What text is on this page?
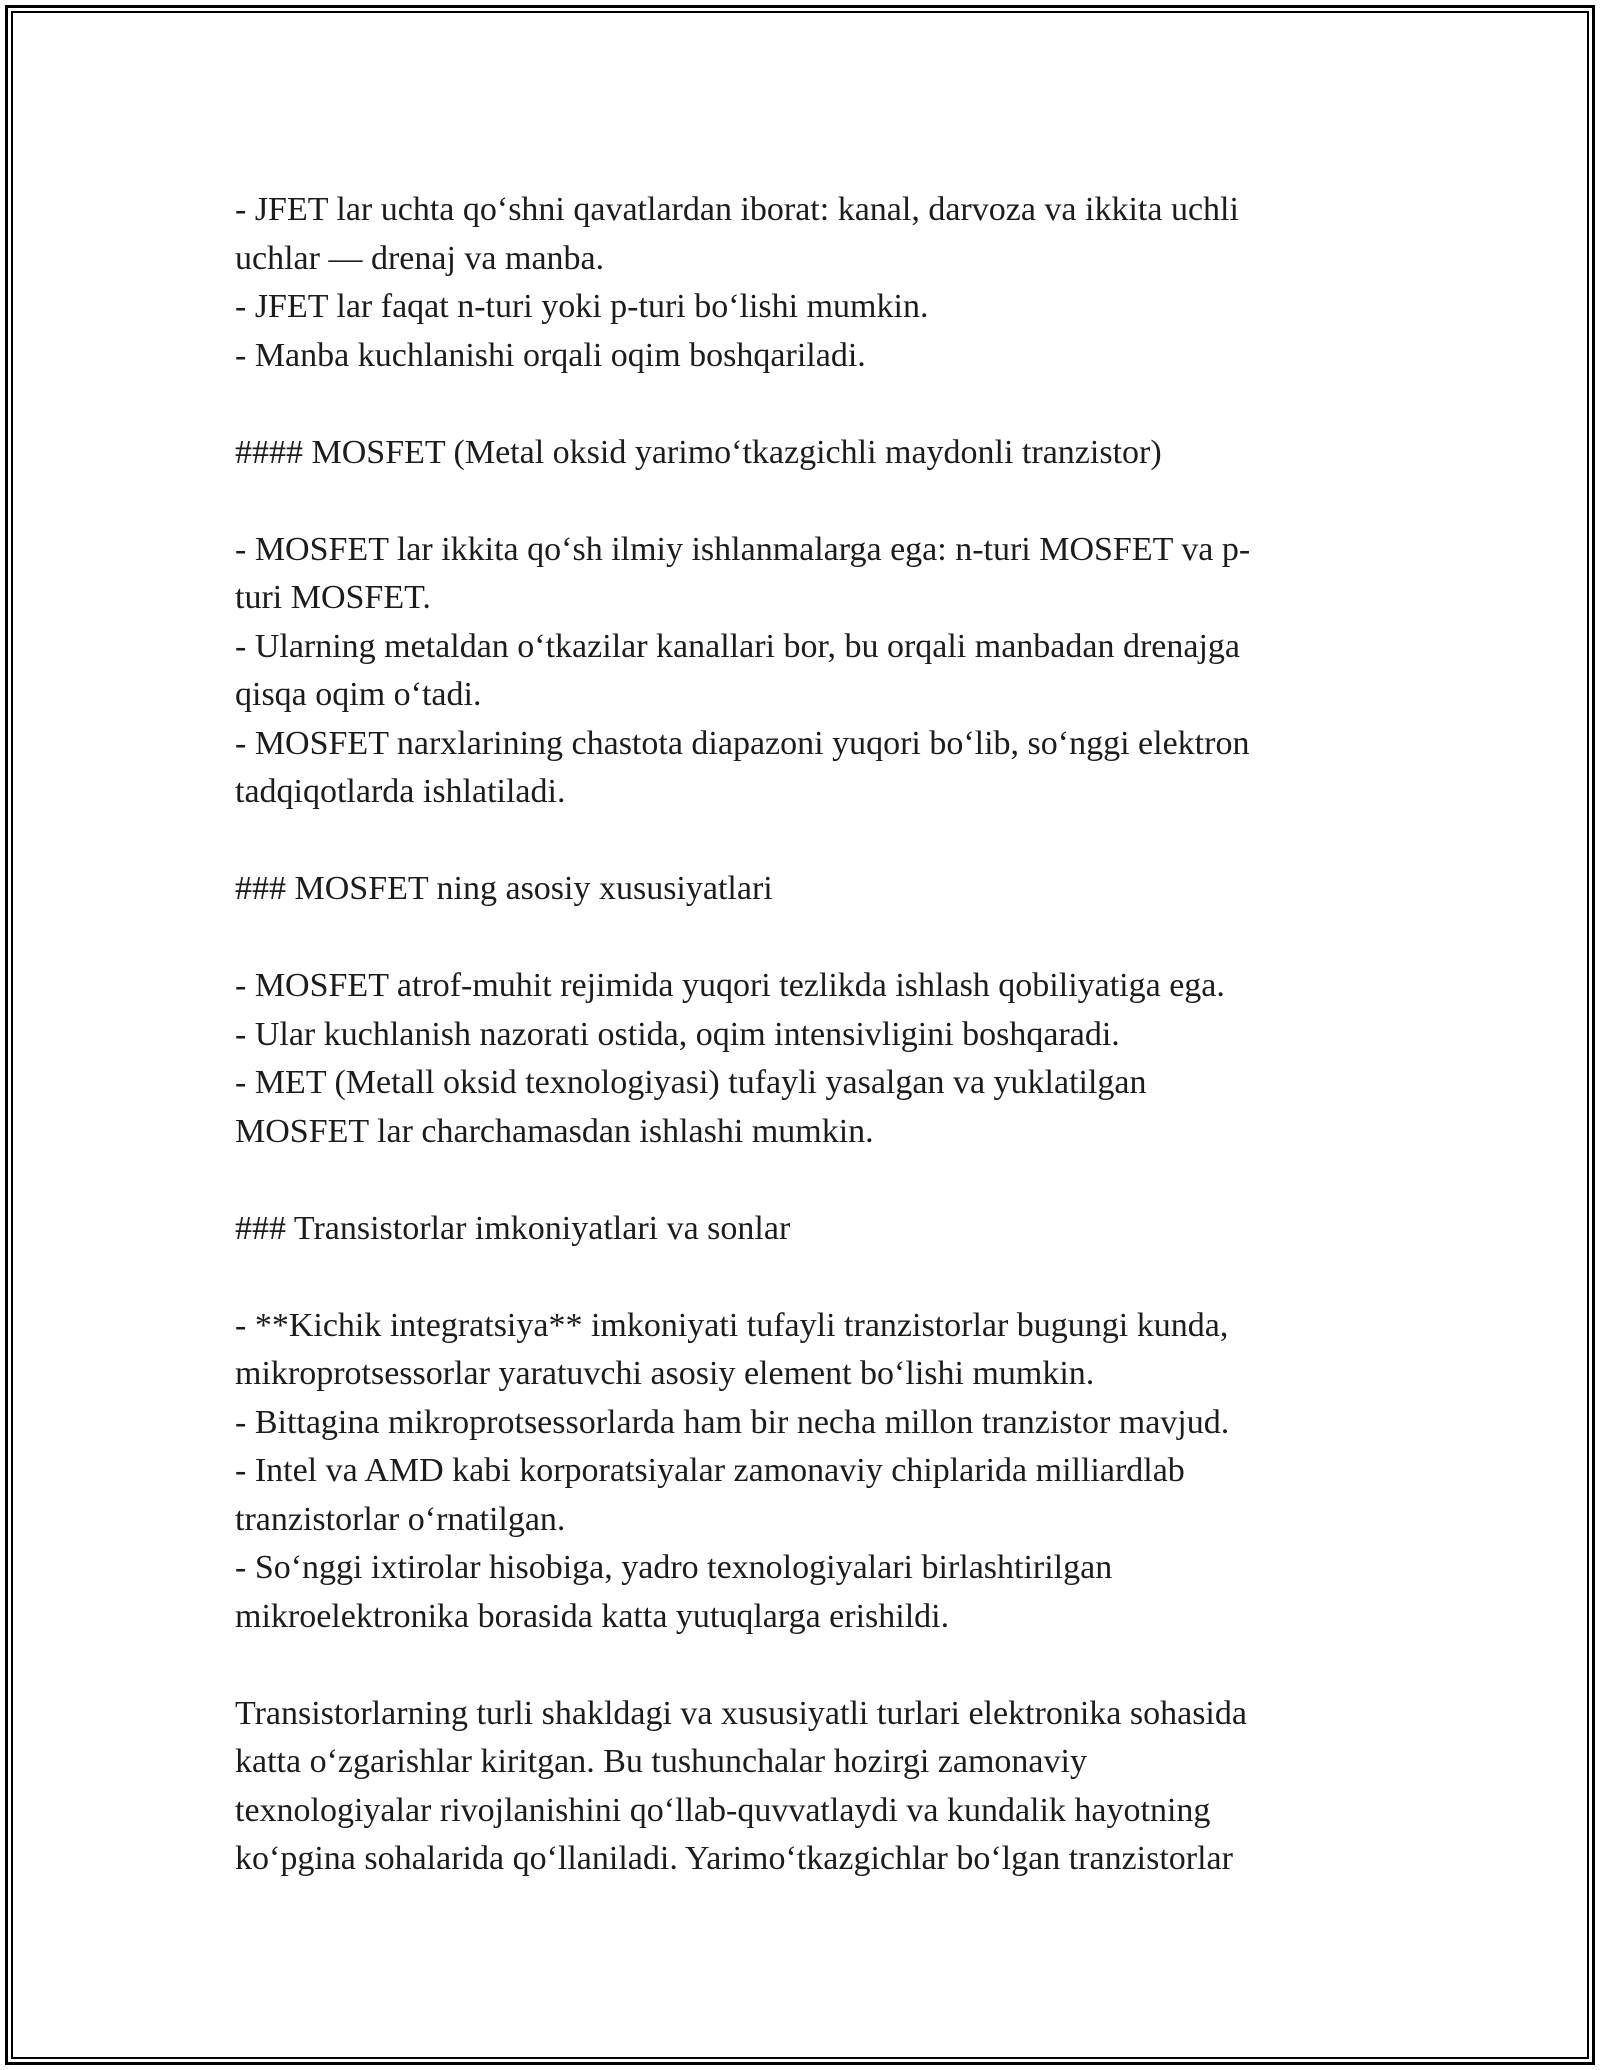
- JFET lar uchta qo‘shni qavatlardan iborat: kanal, darvoza va ikkita uchli

uchlar — drenaj va manba.

- JFET lar faqat n-turi yoki p-turi bo‘lishi mumkin.

- Manba kuchlanishi orqali oqim boshqariladi.

#### MOSFET (Metal oksid yarimo‘tkazgichli maydonli tranzistor)

- MOSFET lar ikkita qo‘sh ilmiy ishlanmalarga ega: n-turi MOSFET va p-

turi MOSFET.

- Ularning metaldan o‘tkazilar kanallari bor, bu orqali manbadan drenajga

qisqa oqim o‘tadi.

- MOSFET narxlarining chastota diapazoni yuqori bo‘lib, so‘nggi elektron

tadqiqotlarda ishlatiladi.

### MOSFET ning asosiy xususiyatlari

- MOSFET atrof-muhit rejimida yuqori tezlikda ishlash qobiliyatiga ega.

- Ular kuchlanish nazorati ostida, oqim intensivligini boshqaradi.

- MET (Metall oksid texnologiyasi) tufayli yasalgan va yuklatilgan

MOSFET lar charchamasdan ishlashi mumkin.

### Transistorlar imkoniyatlari va sonlar

- **Kichik integratsiya** imkoniyati tufayli tranzistorlar bugungi kunda,

mikroprotsessorlar yaratuvchi asosiy element bo‘lishi mumkin.

- Bittagina mikroprotsessorlarda ham bir necha millon tranzistor mavjud.

- Intel va AMD kabi korporatsiyalar zamonaviy chiplarida milliardlab

tranzistorlar o‘rnatilgan.

- So‘nggi ixtirolar hisobiga, yadro texnologiyalari birlashtirilgan

mikroelektronika borasida katta yutuqlarga erishildi.

Transistorlarning turli shakldagi va xususiyatli turlari elektronika sohasida

katta o‘zgarishlar kiritgan. Bu tushunchalar hozirgi zamonaviy

texnologiyalar rivojlanishini qo‘llab-quvvatlaydi va kundalik hayotning

ko‘pgina sohalarida qo‘llaniladi. Yarimo‘tkazgichlar bo‘lgan tranzistorlar
